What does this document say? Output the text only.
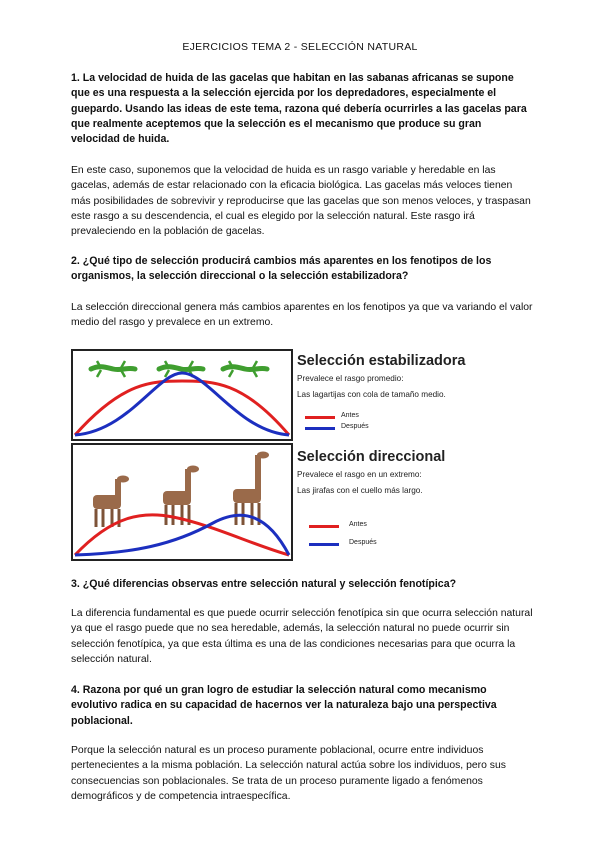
EJERCICIOS TEMA 2 - SELECCIÓN NATURAL
1. La velocidad de huida de las gacelas que habitan en las sabanas africanas se supone que es una respuesta a la selección ejercida por los depredadores, especialmente el guepardo. Usando las ideas de este tema, razona qué debería ocurrirles a las gacelas para que realmente aceptemos que la selección es el mecanismo que produce su gran velocidad de huida.
En este caso, suponemos que la velocidad de huida es un rasgo variable y heredable en las gacelas, además de estar relacionado con la eficacia biológica. Las gacelas más veloces tienen más posibilidades de sobrevivir y reproducirse que las gacelas que son menos veloces, y traspasan este rasgo a su descendencia, el cual es elegido por la selección natural. Este rasgo irá prevaleciendo en la población de gacelas.
2. ¿Qué tipo de selección producirá cambios más aparentes en los fenotipos de los organismos, la selección direccional o la selección estabilizadora?
La selección direccional genera más cambios aparentes en los fenotipos ya que va variando el valor medio del rasgo y prevalece en un extremo.
Selección estabilizadora
Prevalece el rasgo promedio:
Las lagartijas con cola de tamaño medio.
Antes
Después
Selección direccional
Prevalece el rasgo en un extremo:
Las jirafas con el cuello más largo.
Antes
Después
3. ¿Qué diferencias observas entre selección natural y selección fenotípica?
La diferencia fundamental es que puede ocurrir selección fenotípica sin que ocurra selección natural ya que el rasgo puede que no sea heredable, además, la selección natural no puede ocurrir sin selección fenotípica, ya que esta última es una de las condiciones necesarias para que ocurra la selección natural.
4. Razona por qué un gran logro de estudiar la selección natural como mecanismo evolutivo radica en su capacidad de hacernos ver la naturaleza bajo una perspectiva poblacional.
Porque la selección natural es un proceso puramente poblacional, ocurre entre individuos pertenecientes a la misma población. La selección natural actúa sobre los individuos, pero sus consecuencias son poblacionales. Se trata de un proceso puramente ligado a fenómenos demográficos y de competencia intraespecífica.
